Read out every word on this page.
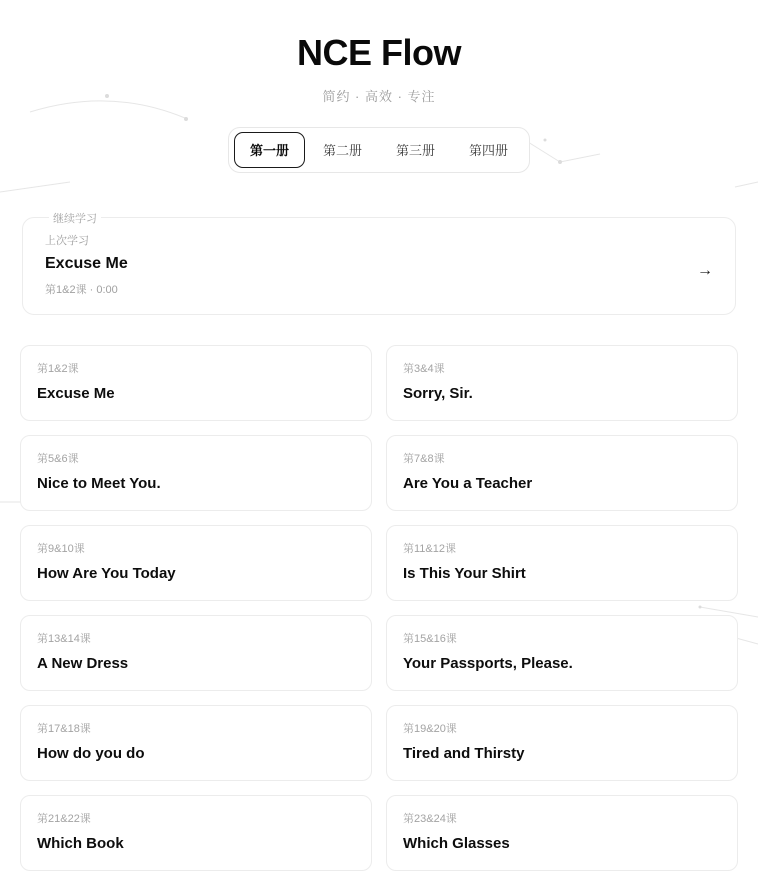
NCE Flow

简约 · 高效 · 专注

第一册	第二册	第三册	第四册
继续学习

上次学习

Excuse Me

第1&2课 · 0:00

→

第1&2课

Excuse Me

第3&4课

Sorry, Sir.

第5&6课

Nice to Meet You.

第7&8课

Are You a Teacher

第9&10课

How Are You Today

第11&12课

Is This Your Shirt

第13&14课

A New Dress

第15&16课

Your Passports, Please.

第17&18课

How do you do

第19&20课

Tired and Thirsty

第21&22课

Which Book

第23&24课

Which Glasses
